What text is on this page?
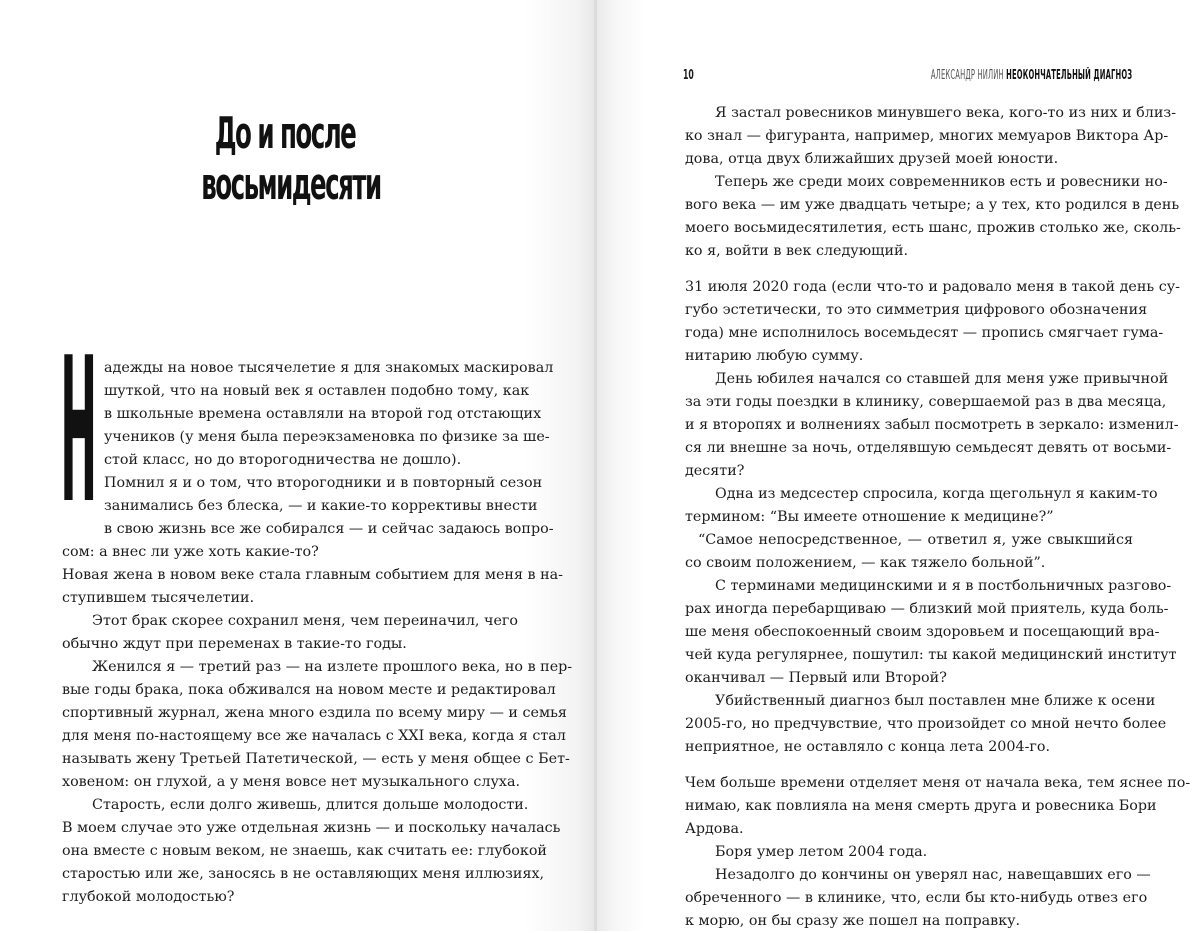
До и после
восьмидесяти
Н адежды на новое тысячелетие я для знакомых маскировал
шуткой, что на новый век я оставлен подобно тому, как
в школьные времена оставляли на второй год отстающих
учеников (у меня была переэкзаменовка по физике за ше-
стой класс, но до второгодничества не дошло).
Помнил я и о том, что второгодники и в повторный сезон
занимались без блеска, — и какие-то коррективы внести
в свою жизнь все же собирался — и сейчас задаюсь вопро-
сом: а внес ли уже хоть какие-то?
Новая жена в новом веке стала главным событием для меня в на-
ступившем тысячелетии.
Этот брак скорее сохранил меня, чем переиначил, чего
обычно ждут при переменах в такие-то годы.
Женился я — третий раз — на излете прошлого века, но в пер-
вые годы брака, пока обживался на новом месте и редактировал
спортивный журнал, жена много ездила по всему миру — и семья
для меня по-настоящему все же началась с XXI века, когда я стал
называть жену Третьей Патетической, — есть у меня общее с Бет-
ховеном: он глухой, а у меня вовсе нет музыкального слуха.
Старость, если долго живешь, длится дольше молодости.
В моем случае это уже отдельная жизнь — и поскольку началась
она вместе с новым веком, не знаешь, как считать ее: глубокой
старостью или же, заносясь в не оставляющих меня иллюзиях,
глубокой молодостью?
10	АЛЕКСАНДР НИЛИН НЕОКОНЧАТЕЛЬНЫЙ ДИАГНОЗ
Я застал ровесников минувшего века, кого-то из них и близ-
ко знал — фигуранта, например, многих мемуаров Виктора Ар-
дова, отца двух ближайших друзей моей юности.
Теперь же среди моих современников есть и ровесники но-
вого века — им уже двадцать четыре; а у тех, кто родился в день
моего восьмидесятилетия, есть шанс, прожив столько же, сколь-
ко я, войти в век следующий.
31 июля 2020 года (если что-то и радовало меня в такой день су-
губо эстетически, то это симметрия цифрового обозначения
года) мне исполнилось восемьдесят — пропись смягчает гума-
нитарию любую сумму.
День юбилея начался со ставшей для меня уже привычной
за эти годы поездки в клинику, совершаемой раз в два месяца,
и я второпях и волнениях забыл посмотреть в зеркало: изменил-
ся ли внешне за ночь, отделявшую семьдесят девять от восьми-
десяти?
Одна из медсестер спросила, когда щегольнул я каким-то
термином: “Вы имеете отношение к медицине?”
“Самое непосредственное, — ответил я, уже свыкшийся
со своим положением, — как тяжело больной”.
С терминами медицинскими и я в постбольничных разгово-
рах иногда перебарщиваю — близкий мой приятель, куда боль-
ше меня обеспокоенный своим здоровьем и посещающий вра-
чей куда регулярнее, пошутил: ты какой медицинский институт
оканчивал — Первый или Второй?
Убийственный диагноз был поставлен мне ближе к осени
2005-го, но предчувствие, что произойдет со мной нечто более
неприятное, не оставляло с конца лета 2004-го.
Чем больше времени отделяет меня от начала века, тем яснее по-
нимаю, как повлияла на меня смерть друга и ровесника Бори
Ардова.
Боря умер летом 2004 года.
Незадолго до кончины он уверял нас, навещавших его —
обреченного — в клинике, что, если бы кто-нибудь отвез его
к морю, он бы сразу же пошел на поправку.
